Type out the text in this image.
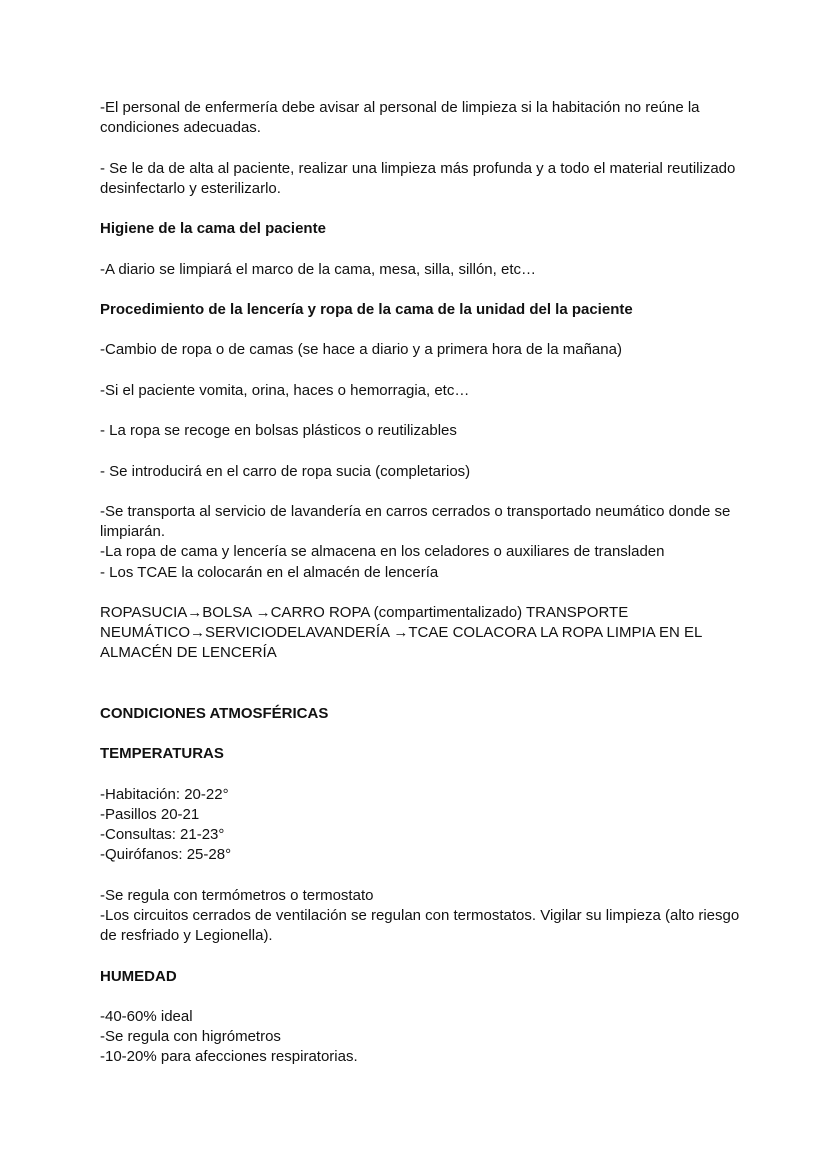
-El personal de enfermería debe avisar al personal de limpieza si la habitación no reúne la condiciones adecuadas.

- Se le da de alta al paciente, realizar una limpieza más profunda y a todo el material reutilizado desinfectarlo y esterilizarlo.

Higiene de la cama del paciente

-A diario se limpiará el marco de la cama, mesa, silla, sillón, etc…

Procedimiento de la lencería y ropa de la cama de la unidad del la paciente

-Cambio de ropa o de camas (se hace a diario y a primera hora de la mañana)

-Si el paciente vomita, orina, haces o hemorragia, etc…

- La ropa se recoge en bolsas plásticos o reutilizables

- Se introducirá en el carro de ropa sucia (completarios)

-Se transporta al servicio de lavandería en carros cerrados o transportado neumático donde se limpiarán.

-La ropa de cama y lencería se almacena en los celadores o auxiliares de transladen

- Los TCAE la colocarán en el almacén de lencería

ROPASUCIA→BOLSA →CARRO ROPA (compartimentalizado) TRANSPORTE NEUMÁTICO→SERVICIODELAVANDERÍA →TCAE COLACORA LA ROPA LIMPIA EN EL ALMACÉN DE LENCERÍA

CONDICIONES ATMOSFÉRICAS

TEMPERATURAS

-Habitación: 20-22°

-Pasillos 20-21

-Consultas: 21-23°

-Quirófanos: 25-28°

-Se regula con termómetros o termostato

-Los circuitos cerrados de ventilación se regulan con termostatos. Vigilar su limpieza (alto riesgo de resfriado y Legionella).

HUMEDAD

-40-60% ideal

-Se regula con higrómetros

-10-20% para afecciones respiratorias.
